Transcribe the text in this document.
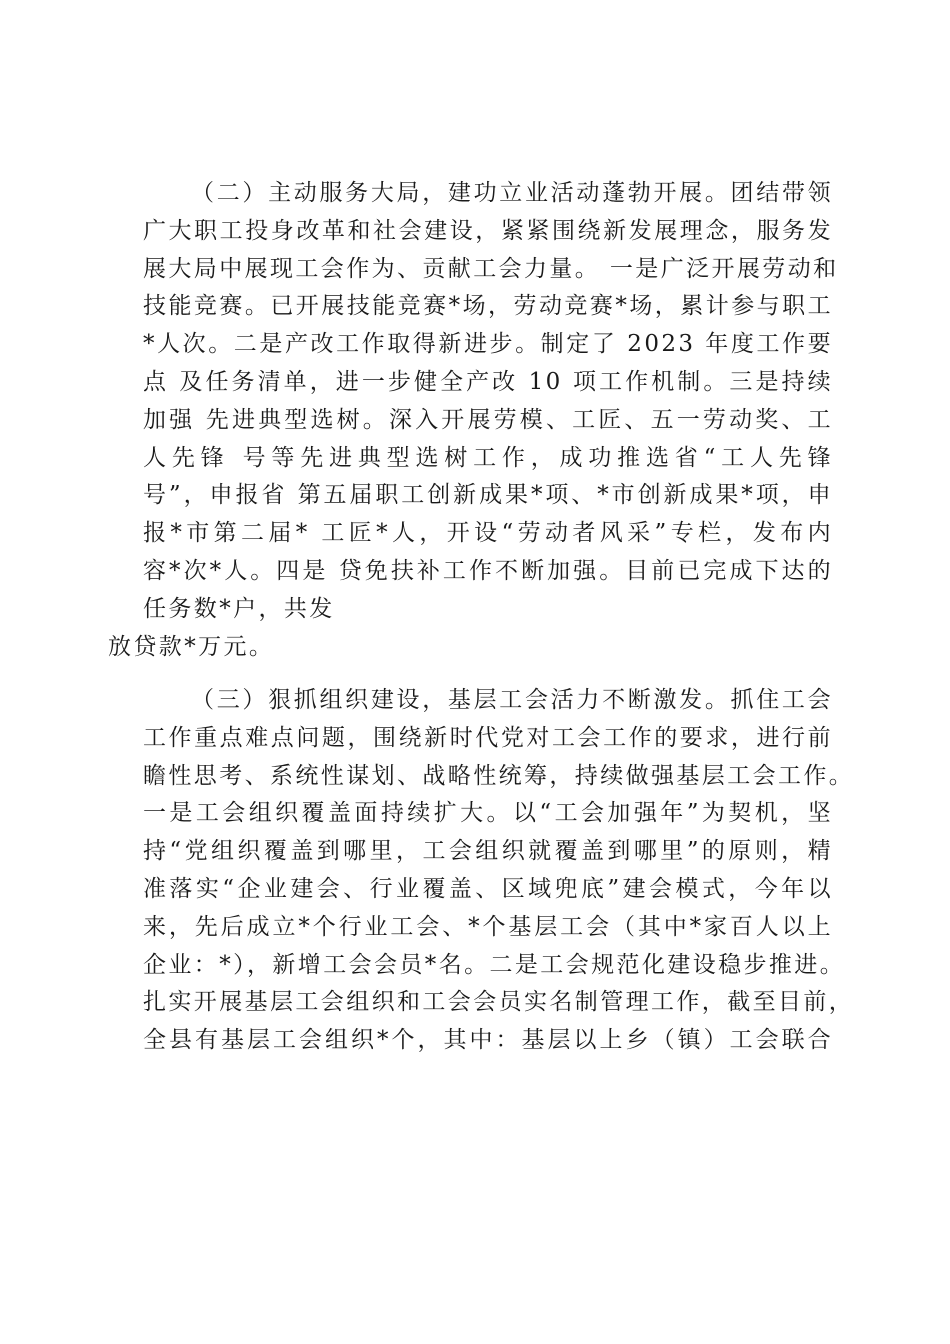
（二）主动服务大局，建功立业活动蓬勃开展。团结带领
广大职工投身改革和社会建设，紧紧围绕新发展理念，服务发
展大局中展现工会作为、贡献工会力量。 一是广泛开展劳动和
技能竞赛。已开展技能竞赛*场，劳动竞赛*场，累计参与职工
*人次。二是产改工作取得新进步。制定了 2023 年度工作要
点 及任务清单，进一步健全产改 10 项工作机制。三是持续
加强 先进典型选树。深入开展劳模、工匠、五一劳动奖、工
人先锋 号等先进典型选树工作，成功推选省“工人先锋
号”，申报省 第五届职工创新成果*项、*市创新成果*项，申
报*市第二届* 工匠*人，开设“劳动者风采”专栏，发布内
容*次*人。四是 贷免扶补工作不断加强。目前已完成下达的
任务数*户，共发
放贷款*万元。
（三）狠抓组织建设，基层工会活力不断激发。抓住工会
工作重点难点问题，围绕新时代党对工会工作的要求，进行前
瞻性思考、系统性谋划、战略性统筹，持续做强基层工会工作。
一是工会组织覆盖面持续扩大。以“工会加强年”为契机，坚
持“党组织覆盖到哪里，工会组织就覆盖到哪里”的原则，精
准落实“企业建会、行业覆盖、区域兜底”建会模式，今年以
来，先后成立*个行业工会、*个基层工会（其中*家百人以上
企业：*），新增工会会员*名。二是工会规范化建设稳步推进。
扎实开展基层工会组织和工会会员实名制管理工作，截至目前，
全县有基层工会组织*个，其中：基层以上乡（镇）工会联合
